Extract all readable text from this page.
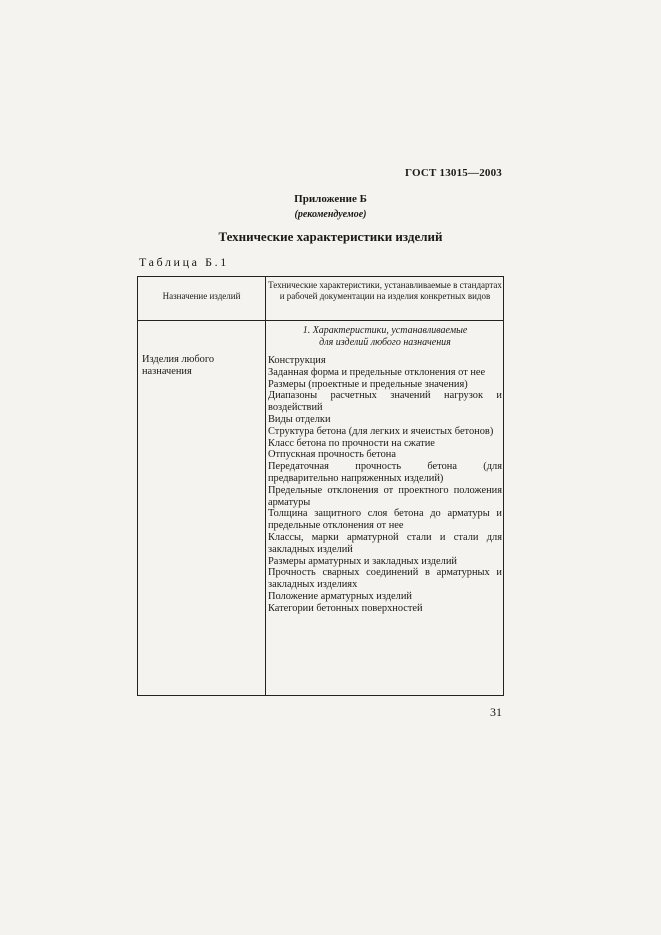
ГОСТ 13015—2003
Приложение Б
(рекомендуемое)
Технические характеристики изделий
Таблица Б.1
Назначение изделий
Технические характеристики, устанавливаемые в стандартах и рабочей документации на изделия конкретных видов
1. Характеристики, устанавливаемые
для изделий любого назначения
Изделия любого назначения
Конструкция
Заданная форма и предельные отклонения от нее
Размеры (проектные и предельные значения)
Диапазоны расчетных значений нагрузок и воздействий
Виды отделки
Структура бетона (для легких и ячеистых бетонов)
Класс бетона по прочности на сжатие
Отпускная прочность бетона
Передаточная прочность бетона (для предварительно напряженных изделий)
Предельные отклонения от проектного положения арматуры
Толщина защитного слоя бетона до арматуры и предельные отклонения от нее
Классы, марки арматурной стали и стали для закладных изделий
Размеры арматурных и закладных изделий
Прочность сварных соединений в арматурных и закладных изделиях
Положение арматурных изделий
Категории бетонных поверхностей
31
